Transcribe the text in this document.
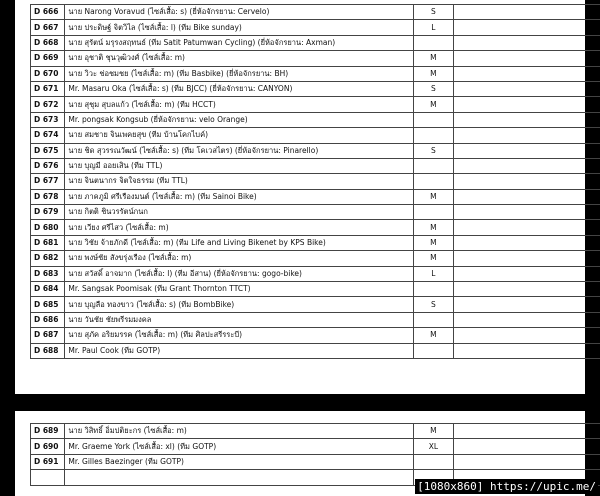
D 666	นาย Narong Voravud (ไซส์เสื้อ: s) (ยี่ห้อจักรยาน: Cervelo)	S	
D 667	นาย ประดิษฐ์ จิตวิไล (ไซส์เสื้อ: l) (ทีม Bike sunday)	L	
D 668	นาย สุรัตน์ มรุรงสฤทนธ์ (ทีม Satit Patumwan Cycling) (ยี่ห้อจักรยาน: Axman)		
D 669	นาย อุชาติ ชุนวุฒิวงศ์ (ไซส์เสื้อ: m)	M	
D 670	นาย วิวะ ช่อชมชย (ไซส์เสื้อ: m) (ทีม Basbike) (ยี่ห้อจักรยาน: BH)	M	
D 671	Mr. Masaru Oka (ไซส์เสื้อ: s) (ทีม BJCC) (ยี่ห้อจักรยาน: CANYON)	S	
D 672	นาย สุชุม สุบลแก้ว (ไซส์เสื้อ: m) (ทีม HCCT)	M	
D 673	Mr. pongsak Kongsub (ยี่ห้อจักรยาน: velo Orange)		
D 674	นาย สมชาย จินเพคยสุข (ทีม บ้านโคกไบค์)		
D 675	นาย ชิด สุวรรณวัฒน์ (ไซส์เสื้อ: s) (ทีม โคเวสไตร) (ยี่ห้อจักรยาน: Pinarello)	S	
D 676	นาย บุญมี ออยเสิน (ทีม TTL)		
D 677	นาย จินตนากร จิตใจธรรม (ทีม TTL)		
D 678	นาย ภาคภูมิ ศรีเรืองมนต์ (ไซส์เสื้อ: m) (ทีม Sainoi Bike)	M	
D 679	นาย กิตติ ชินวรรัตน์กนก		
D 680	นาย เวียง ศรีไสว (ไซส์เสื้อ: m)	M	
D 681	นาย วิชัย จ้ายภักดี (ไซส์เสื้อ: m) (ทีม Life and Living Bikenet by KPS Bike)	M	
D 682	นาย พงษ์ชัย สังขรุ่งเรือง (ไซส์เสื้อ: m)	M	
D 683	นาย สวัสดิ์ อาจมาก (ไซส์เสื้อ: l) (ทีม อีสาน) (ยี่ห้อจักรยาน: gogo-bike)	L	
D 684	Mr. Sangsak Poomisak (ทีม Grant Thornton TTCT)		
D 685	นาย บุญลือ ทองขาว (ไซส์เสื้อ: s) (ทีม BombBike)	S	
D 686	นาย วันชัย ชัยพรีรมมงคล		
D 687	นาย สุภัค อริยมรรค (ไซส์เสื้อ: m) (ทีม ศิลปะสรีรระบี)	M	
D 688	Mr. Paul Cook (ทีม GOTP)		
D 689	นาย วิสิทธิ์ อิ่มปติยะกร (ไซส์เสื้อ: m)	M	
D 690	Mr. Graeme York (ไซส์เสื้อ: xl) (ทีม GOTP)	XL	
D 691	Mr. Gilles Baezinger (ทีม GOTP)		

[1080x860] https://upic.me/
